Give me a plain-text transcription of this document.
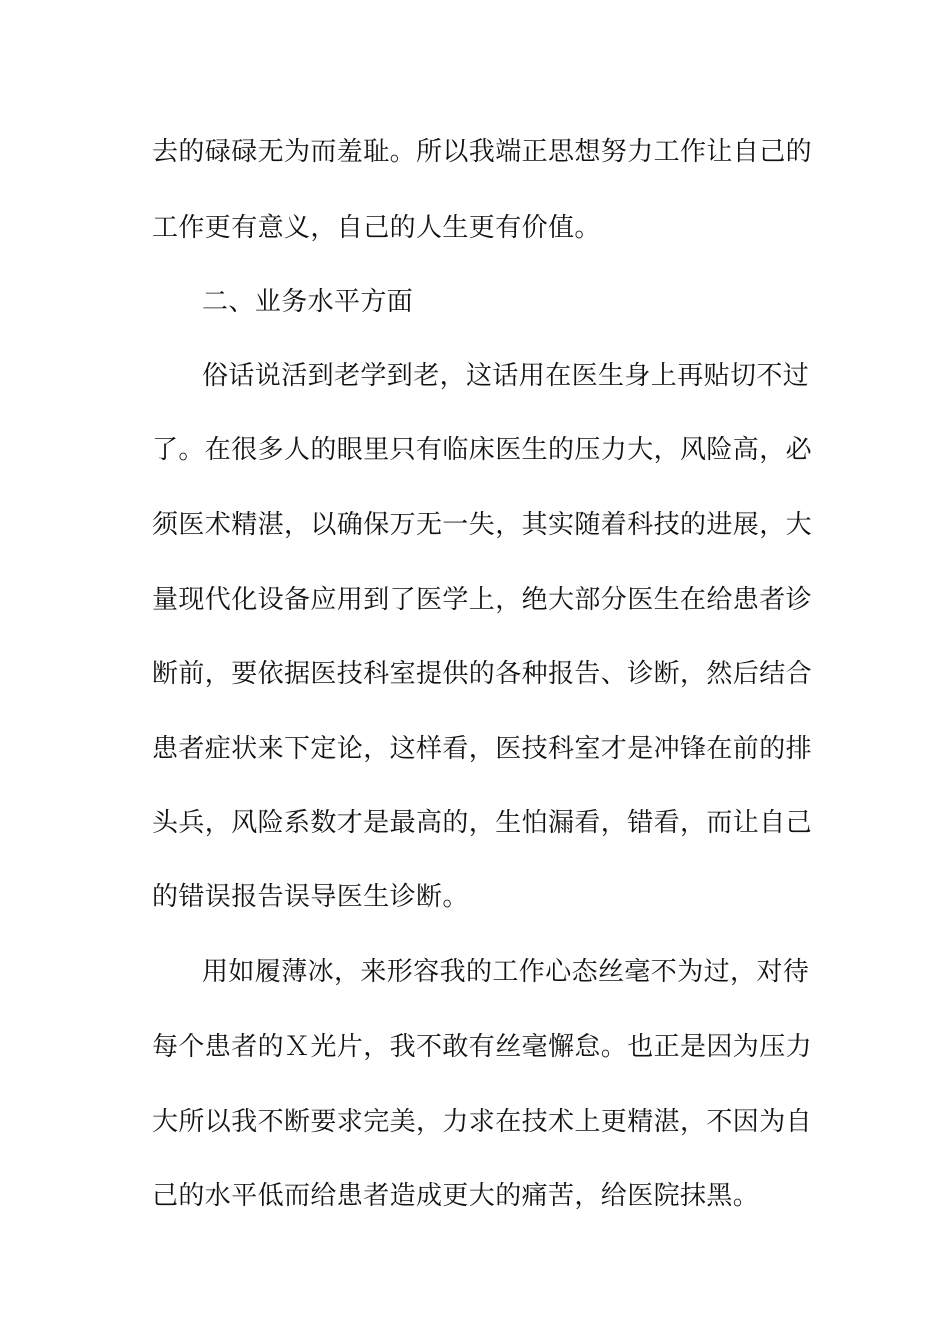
去的碌碌无为而羞耻。所以我端正思想努力工作让自己的
工作更有意义，自己的人生更有价值。
二、业务水平方面
俗话说活到老学到老，这话用在医生身上再贴切不过
了。在很多人的眼里只有临床医生的压力大，风险高，必
须医术精湛，以确保万无一失，其实随着科技的进展，大
量现代化设备应用到了医学上，绝大部分医生在给患者诊
断前，要依据医技科室提供的各种报告、诊断，然后结合
患者症状来下定论，这样看，医技科室才是冲锋在前的排
头兵，风险系数才是最高的，生怕漏看，错看，而让自己
的错误报告误导医生诊断。
用如履薄冰，来形容我的工作心态丝毫不为过，对待
每个患者的Ｘ光片，我不敢有丝毫懈怠。也正是因为压力
大所以我不断要求完美，力求在技术上更精湛，不因为自
己的水平低而给患者造成更大的痛苦，给医院抹黑。
